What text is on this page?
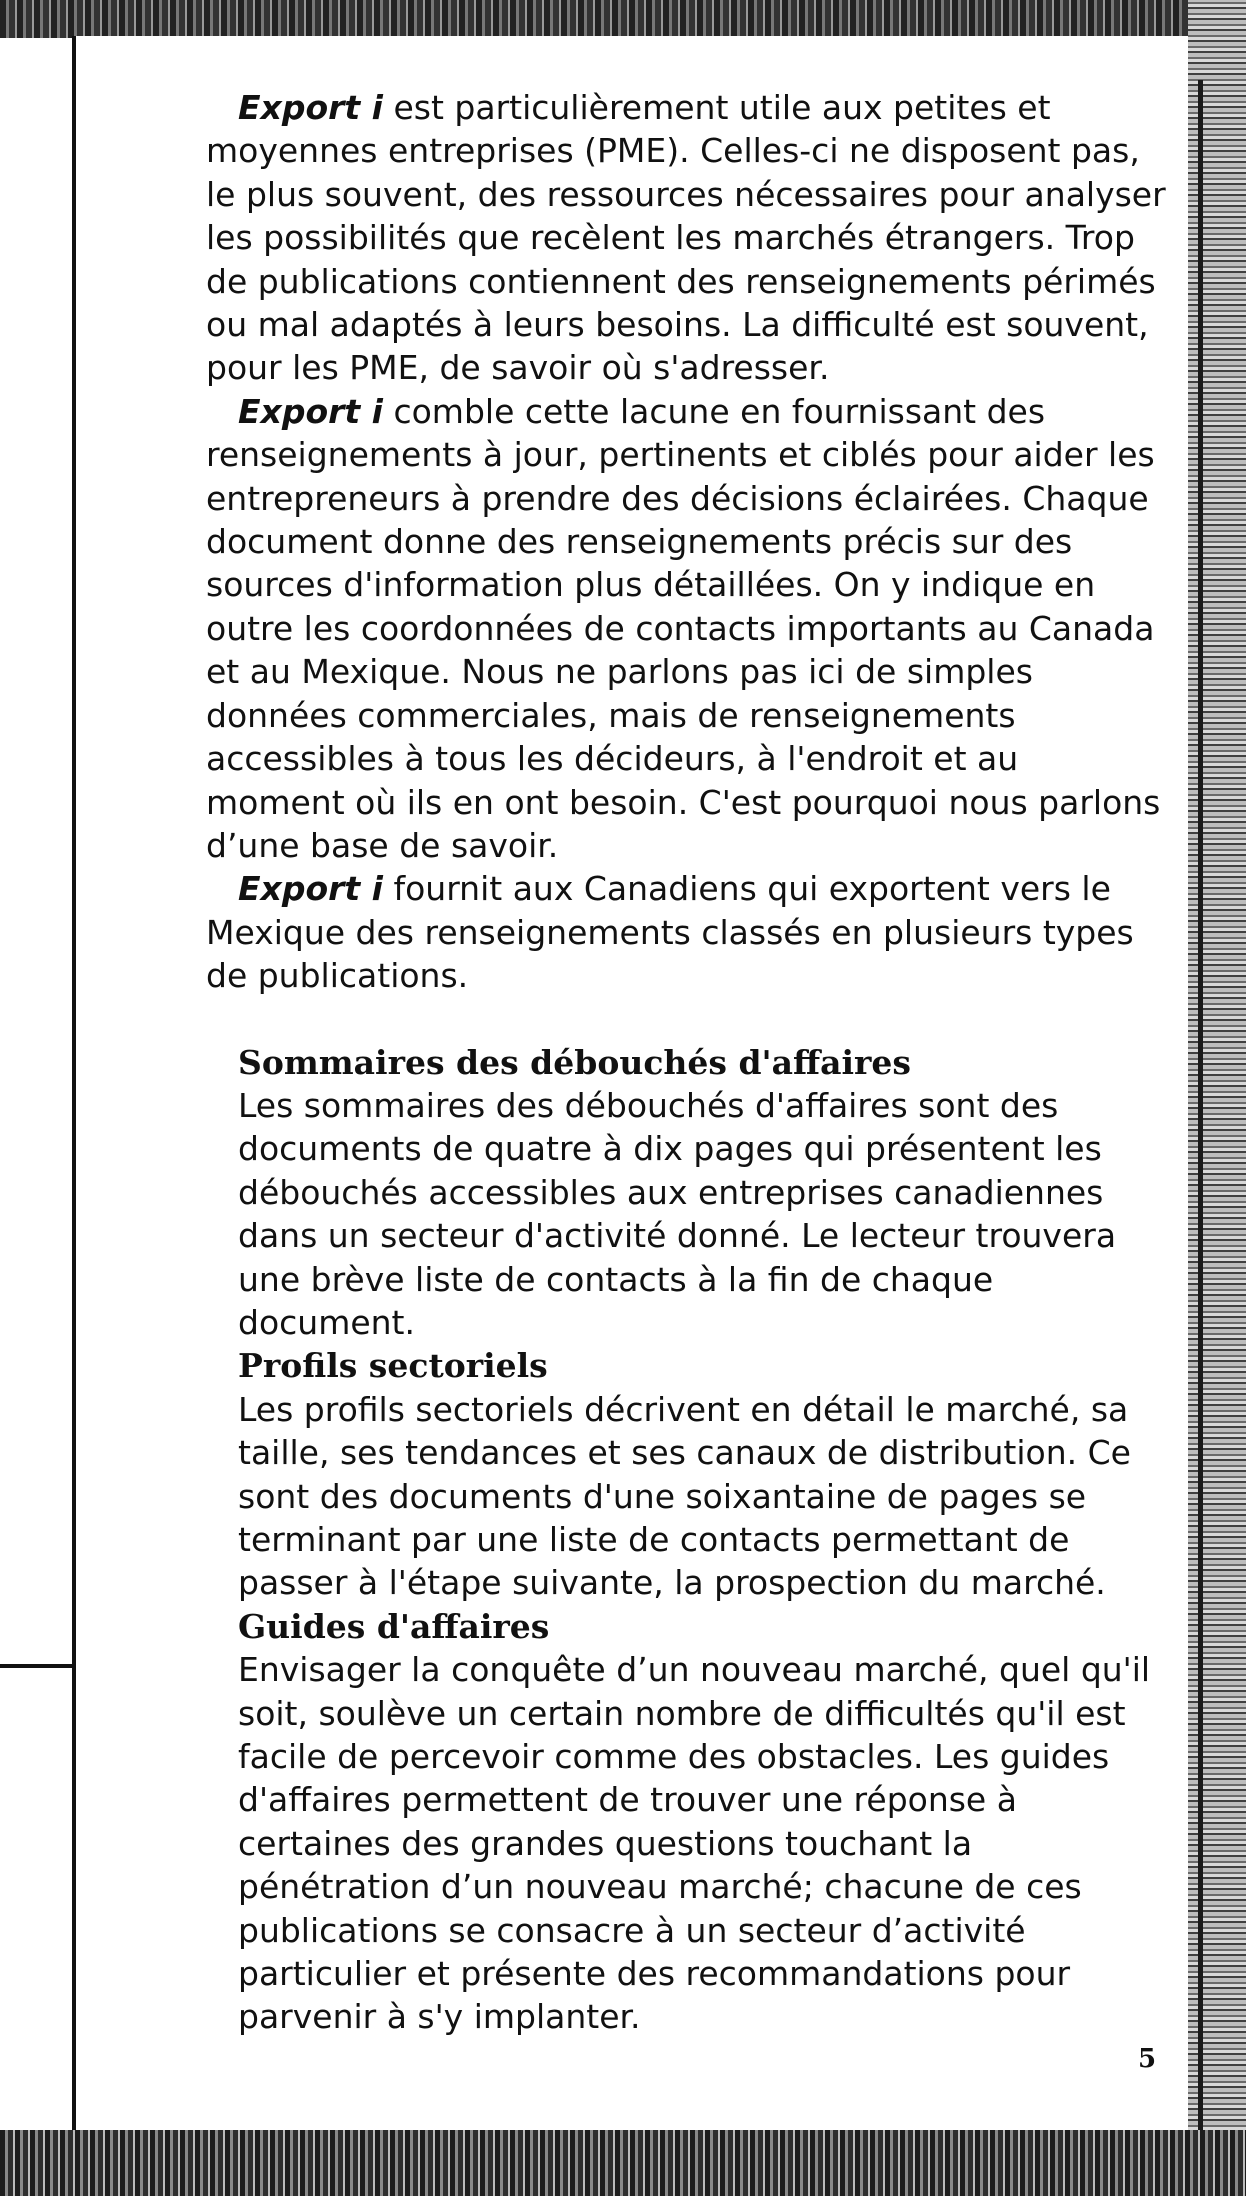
Export i est particulièrement utile aux petites et moyennes entreprises (PME). Celles-ci ne disposent pas, le plus souvent, des ressources nécessaires pour analyser les possibilités que recèlent les marchés étrangers. Trop de publications contiennent des renseignements périmés ou mal adaptés à leurs besoins. La difficulté est souvent, pour les PME, de savoir où s'adresser.

Export i comble cette lacune en fournissant des renseignements à jour, pertinents et ciblés pour aider les entrepreneurs à prendre des décisions éclairées. Chaque document donne des renseignements précis sur des sources d'information plus détaillées. On y indique en outre les coordonnées de contacts importants au Canada et au Mexique. Nous ne parlons pas ici de simples données commerciales, mais de renseignements accessibles à tous les décideurs, à l'endroit et au moment où ils en ont besoin. C'est pourquoi nous parlons d’une base de savoir.

Export i fournit aux Canadiens qui exportent vers le Mexique des renseignements classés en plusieurs types de publications.

Sommaires des débouchés d'affaires

Les sommaires des débouchés d'affaires sont des documents de quatre à dix pages qui présentent les débouchés accessibles aux entreprises canadiennes dans un secteur d'activité donné. Le lecteur trouvera une brève liste de contacts à la fin de chaque document.

Profils sectoriels

Les profils sectoriels décrivent en détail le marché, sa taille, ses tendances et ses canaux de distribution. Ce sont des documents d'une soixantaine de pages se terminant par une liste de contacts permettant de passer à l'étape suivante, la prospection du marché.

Guides d'affaires

Envisager la conquête d’un nouveau marché, quel qu'il soit, soulève un certain nombre de difficultés qu'il est facile de percevoir comme des obstacles. Les guides d'affaires permettent de trouver une réponse à certaines des grandes questions touchant la pénétration d’un nouveau marché; chacune de ces publications se consacre à un secteur d’activité particulier et présente des recommandations pour parvenir à s'y implanter.

5
